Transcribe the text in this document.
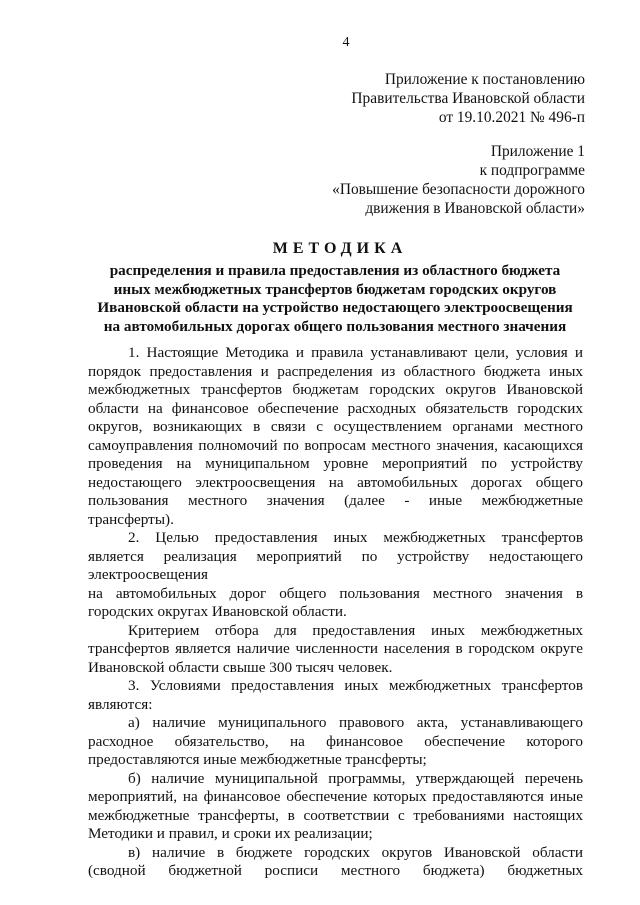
4
Приложение к постановлению
Правительства Ивановской области
от 19.10.2021 № 496-п
Приложение 1
к подпрограмме
«Повышение безопасности дорожного
движения в Ивановской области»
МЕТОДИКА
распределения и правила предоставления из областного бюджета
иных межбюджетных трансфертов бюджетам городских округов
Ивановской области на устройство недостающего электроосвещения
на автомобильных дорогах общего пользования местного значения
1. Настоящие Методика и правила устанавливают цели, условия и
порядок предоставления и распределения из областного бюджета иных
межбюджетных трансфертов бюджетам городских округов Ивановской
области на финансовое обеспечение расходных обязательств городских
округов, возникающих в связи с осуществлением органами местного
самоуправления полномочий по вопросам местного значения, касающихся
проведения на муниципальном уровне мероприятий по устройству
недостающего электроосвещения на автомобильных дорогах общего
пользования местного значения (далее - иные межбюджетные
трансферты).
2. Целью предоставления иных межбюджетных трансфертов
является реализация мероприятий по устройству недостающего
электроосвещения
на автомобильных дорог общего пользования местного значения в
городских округах Ивановской области.
Критерием отбора для предоставления иных межбюджетных
трансфертов является наличие численности населения в городском округе
Ивановской области свыше 300 тысяч человек.
3. Условиями предоставления иных межбюджетных трансфертов
являются:
а) наличие муниципального правового акта, устанавливающего
расходное обязательство, на финансовое обеспечение которого
предоставляются иные межбюджетные трансферты;
б) наличие муниципальной программы, утверждающей перечень
мероприятий, на финансовое обеспечение которых предоставляются иные
межбюджетные трансферты, в соответствии с требованиями настоящих
Методики и правил, и сроки их реализации;
в) наличие в бюджете городских округов Ивановской области
(сводной бюджетной росписи местного бюджета) бюджетных
